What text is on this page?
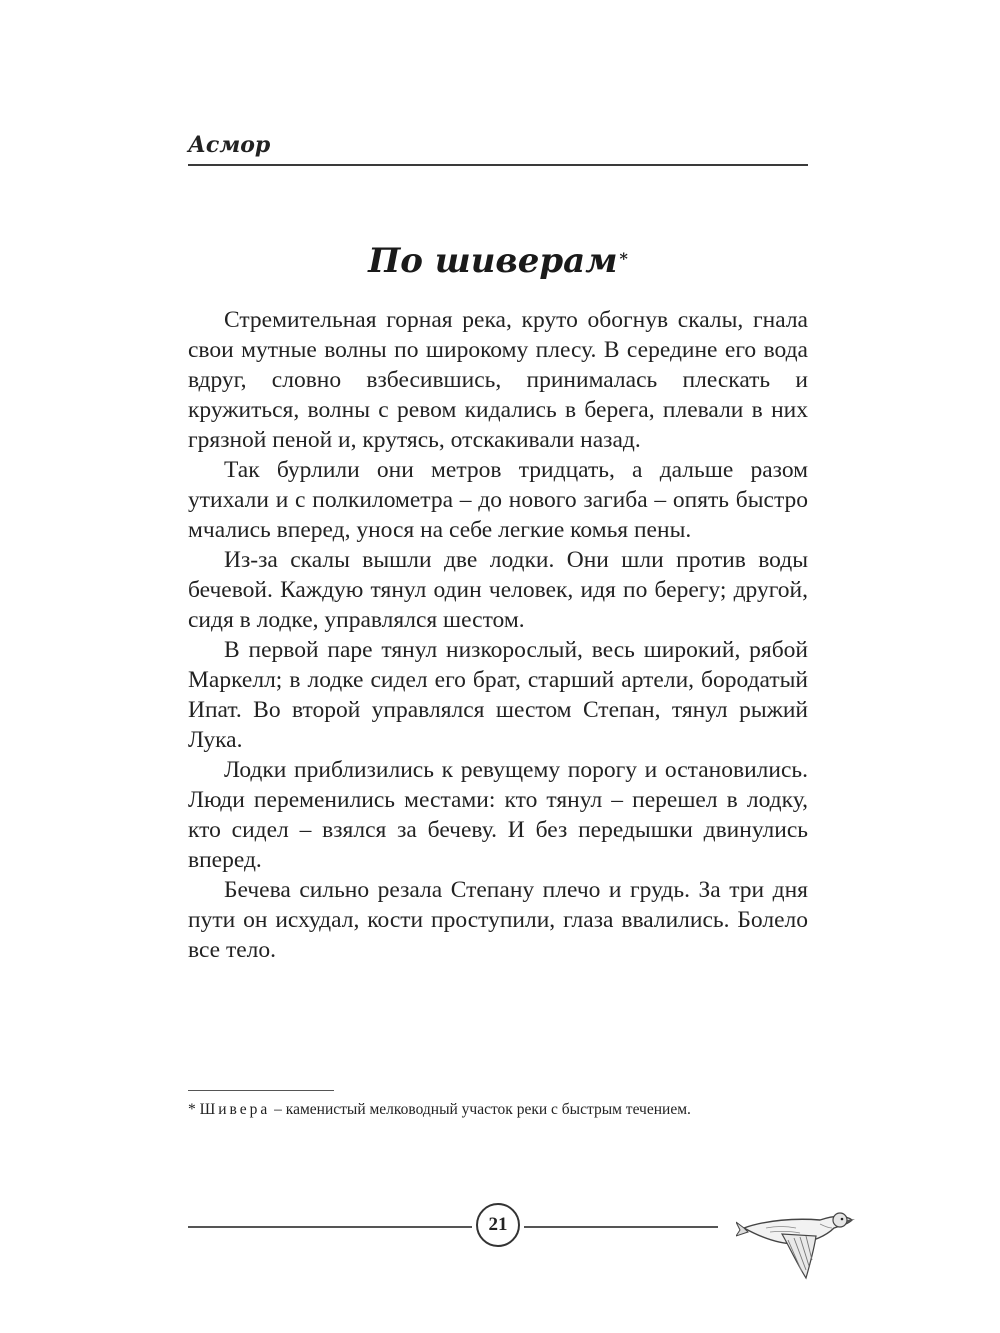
Асмор
По шиверам *

Стремительная горная река, круто обогнув скалы, гнала свои мутные волны по широкому плесу. В середине его вода вдруг, словно взбесившись, принималась плескать и кружиться, волны с ревом кидались в берега, плевали в них грязной пеной и, крутясь, отскакивали назад.

Так бурлили они метров тридцать, а дальше разом утихали и с полкилометра – до нового загиба – опять быстро мчались вперед, унося на себе легкие комья пены.

Из-за скалы вышли две лодки. Они шли против воды бечевой. Каждую тянул один человек, идя по берегу; другой, сидя в лодке, управлялся шестом.

В первой паре тянул низкорослый, весь широкий, рябой Маркелл; в лодке сидел его брат, старший артели, бородатый Ипат. Во второй управлялся шестом Степан, тянул рыжий Лука.

Лодки приблизились к ревущему порогу и остановились. Люди переменились местами: кто тянул – перешел в лодку, кто сидел – взялся за бечеву. И без передышки двинулись вперед.

Бечева сильно резала Степану плечо и грудь. За три дня пути он исхудал, кости проступили, глаза ввалились. Болело все тело.

* Шивера – каменистый мелководный участок реки с быстрым течением.
21
